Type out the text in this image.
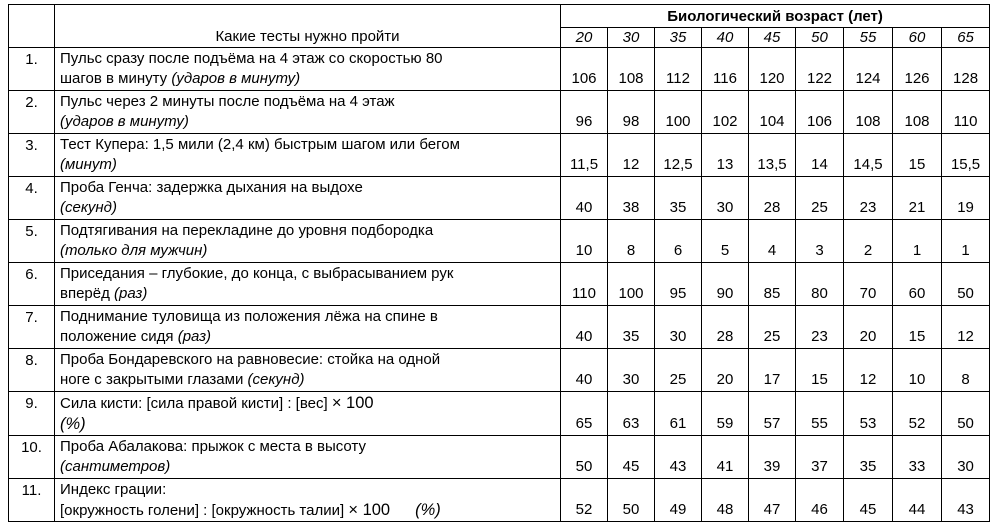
	Какие тесты нужно пройти	Биологический возраст (лет)								
		20	30	35	40	45	50	55	60	65
1.	Пульс сразу после подъёма на 4 этаж со скоростью 80
шагов в минуту (ударов в минуту)	106	108	112	116	120	122	124	126	128
2.	Пульс через 2 минуты после подъёма на 4 этаж
(ударов в минуту)	96	98	100	102	104	106	108	108	110
3.	Тест Купера: 1,5 мили (2,4 км) быстрым шагом или бегом
(минут)	11,5	12	12,5	13	13,5	14	14,5	15	15,5
4.	Проба Генча: задержка дыхания на выдохе
(секунд)	40	38	35	30	28	25	23	21	19
5.	Подтягивания на перекладине до уровня подбородка
(только для мужчин)	10	8	6	5	4	3	2	1	1
6.	Приседания – глубокие, до конца, с выбрасыванием рук
вперёд (раз)	110	100	95	90	85	80	70	60	50
7.	Поднимание туловища из положения лёжа на спине в
положение сидя (раз)	40	35	30	28	25	23	20	15	12
8.	Проба Бондаревского на равновесие: стойка на одной
ноге с закрытыми глазами (секунд)	40	30	25	20	17	15	12	10	8
9.	Сила кисти: [сила правой кисти] : [вес] × 100
(%)	65	63	61	59	57	55	53	52	50
10.	Проба Абалакова: прыжок с места в высоту
(сантиметров)	50	45	43	41	39	37	35	33	30
11.	Индекс грации:
[окружность голени] : [окружность талии] × 100 (%)	52	50	49	48	47	46	45	44	43
